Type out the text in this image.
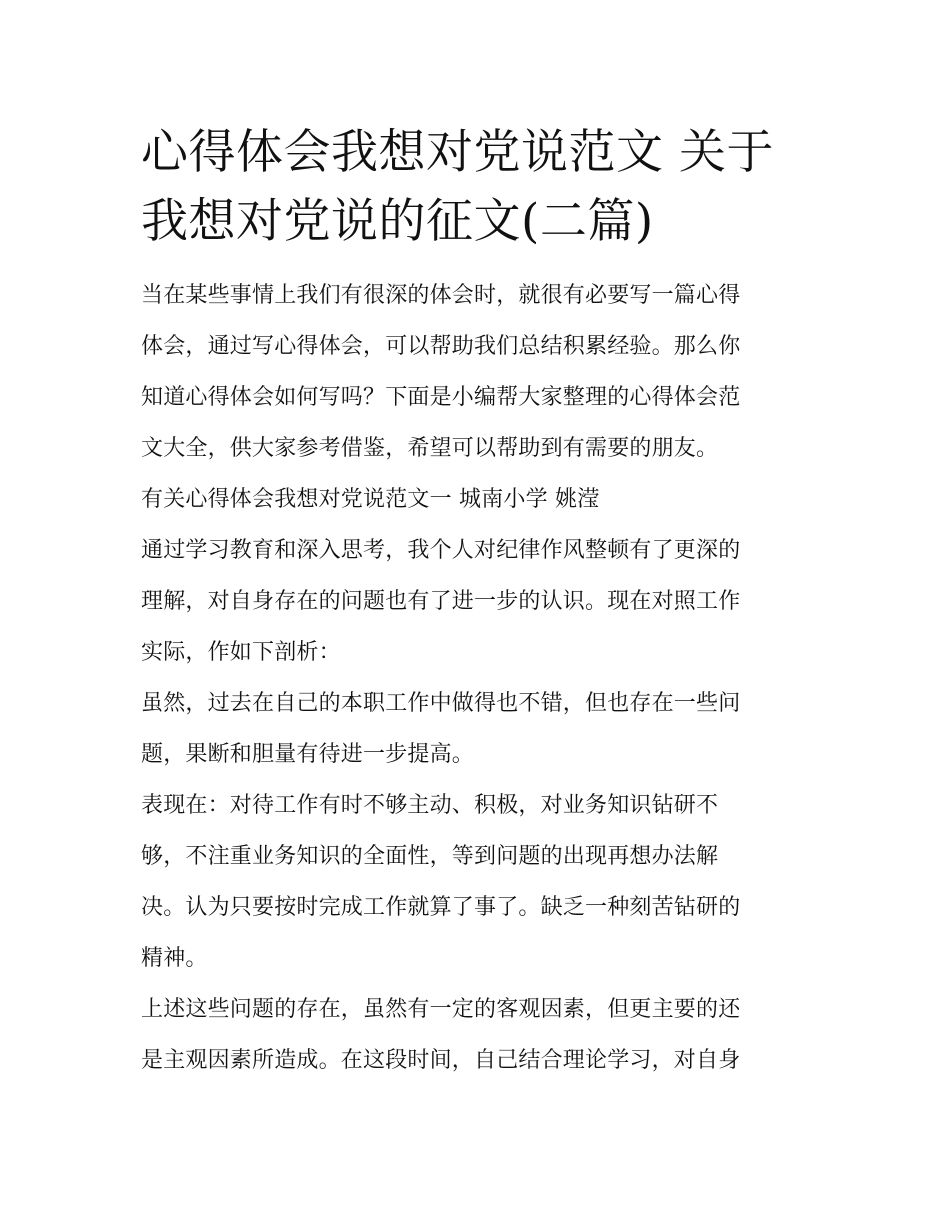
心得体会我想对党说范文 关于
我想对党说的征文(二篇)
当在某些事情上我们有很深的体会时，就很有必要写一篇心得
体会，通过写心得体会，可以帮助我们总结积累经验。那么你
知道心得体会如何写吗？下面是小编帮大家整理的心得体会范
文大全，供大家参考借鉴，希望可以帮助到有需要的朋友。
有关心得体会我想对党说范文一 城南小学 姚滢
通过学习教育和深入思考，我个人对纪律作风整顿有了更深的
理解，对自身存在的问题也有了进一步的认识。现在对照工作
实际，作如下剖析：
虽然，过去在自己的本职工作中做得也不错，但也存在一些问
题，果断和胆量有待进一步提高。
表现在：对待工作有时不够主动、积极，对业务知识钻研不
够，不注重业务知识的全面性，等到问题的出现再想办法解
决。认为只要按时完成工作就算了事了。缺乏一种刻苦钻研的
精神。
上述这些问题的存在，虽然有一定的客观因素，但更主要的还
是主观因素所造成。在这段时间，自己结合理论学习，对自身
